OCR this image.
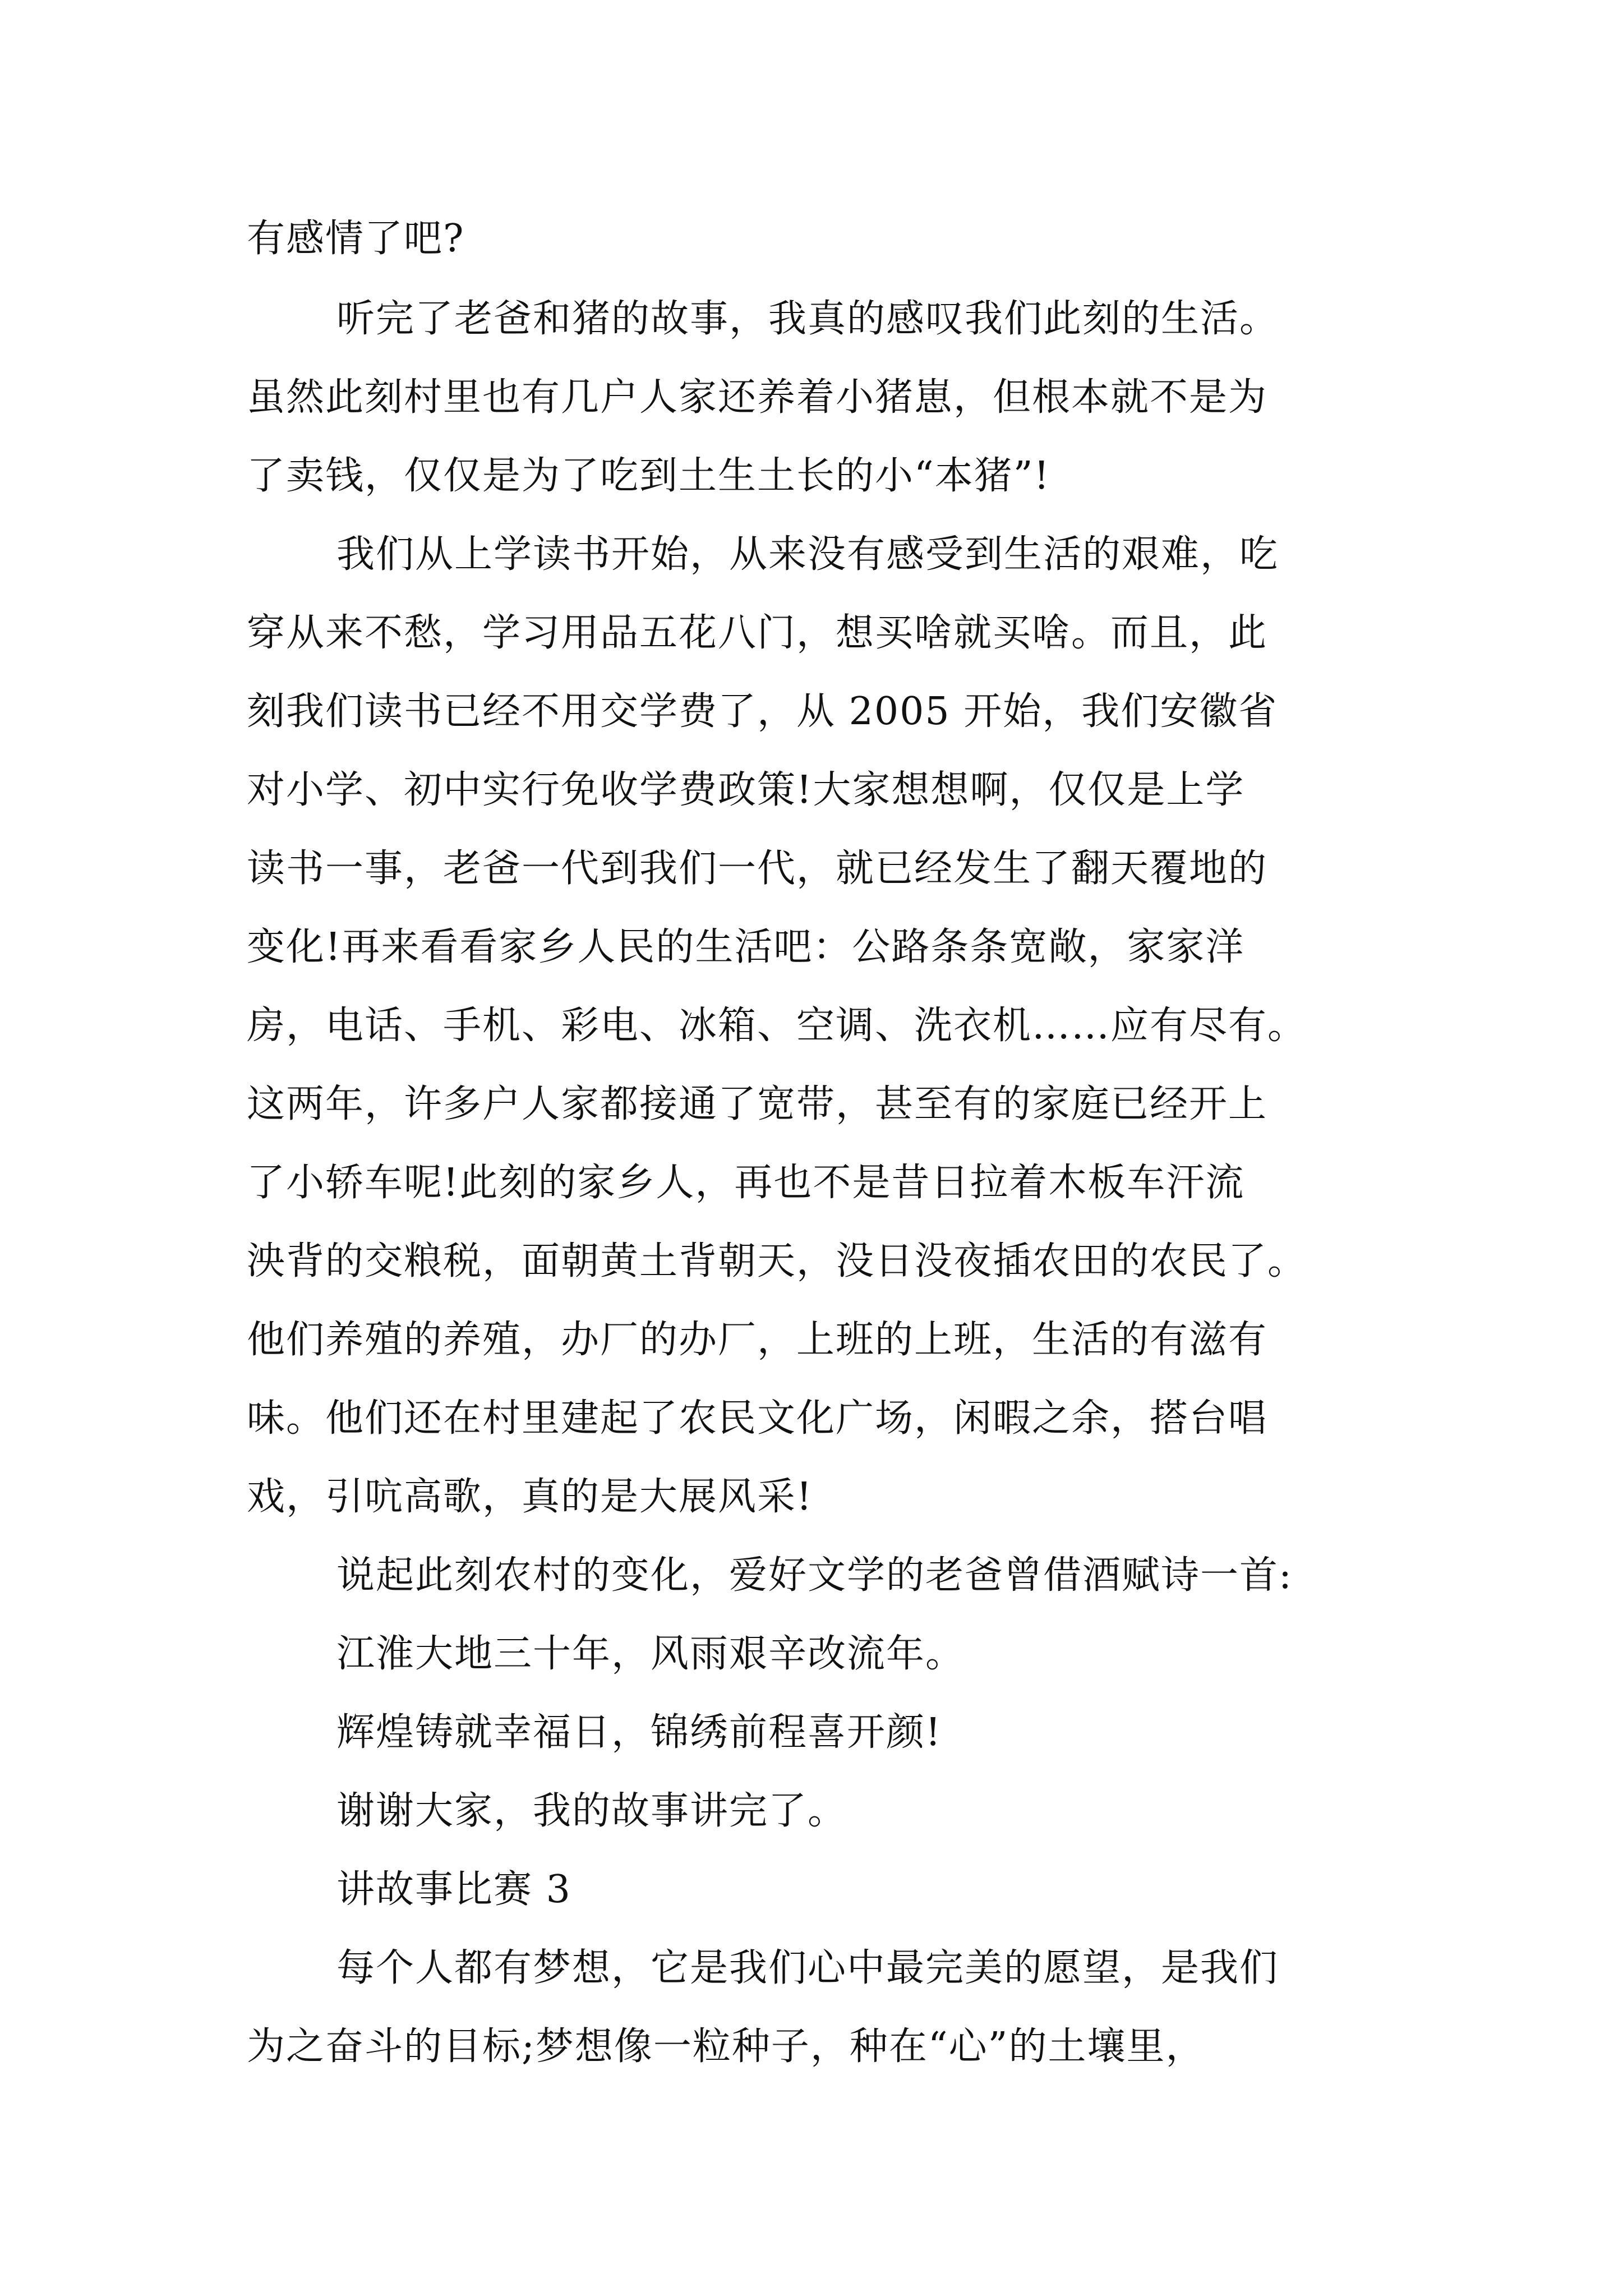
有感情了吧?
听完了老爸和猪的故事，我真的感叹我们此刻的生活。
虽然此刻村里也有几户人家还养着小猪崽，但根本就不是为
了卖钱，仅仅是为了吃到土生土长的小“本猪”!
我们从上学读书开始，从来没有感受到生活的艰难，吃
穿从来不愁，学习用品五花八门，想买啥就买啥。而且，此
刻我们读书已经不用交学费了，从 2005 开始，我们安徽省
对小学、初中实行免收学费政策!大家想想啊，仅仅是上学
读书一事，老爸一代到我们一代，就已经发生了翻天覆地的
变化!再来看看家乡人民的生活吧：公路条条宽敞，家家洋
房，电话、手机、彩电、冰箱、空调、洗衣机……应有尽有。
这两年，许多户人家都接通了宽带，甚至有的家庭已经开上
了小轿车呢!此刻的家乡人，再也不是昔日拉着木板车汗流
泱背的交粮税，面朝黄土背朝天，没日没夜插农田的农民了。
他们养殖的养殖，办厂的办厂，上班的上班，生活的有滋有
味。他们还在村里建起了农民文化广场，闲暇之余，搭台唱
戏，引吭高歌，真的是大展风采!
说起此刻农村的变化，爱好文学的老爸曾借酒赋诗一首:
江淮大地三十年，风雨艰辛改流年。
辉煌铸就幸福日，锦绣前程喜开颜!
谢谢大家，我的故事讲完了。
讲故事比赛 3
每个人都有梦想，它是我们心中最完美的愿望，是我们
为之奋斗的目标;梦想像一粒种子，种在“心”的土壤里，
